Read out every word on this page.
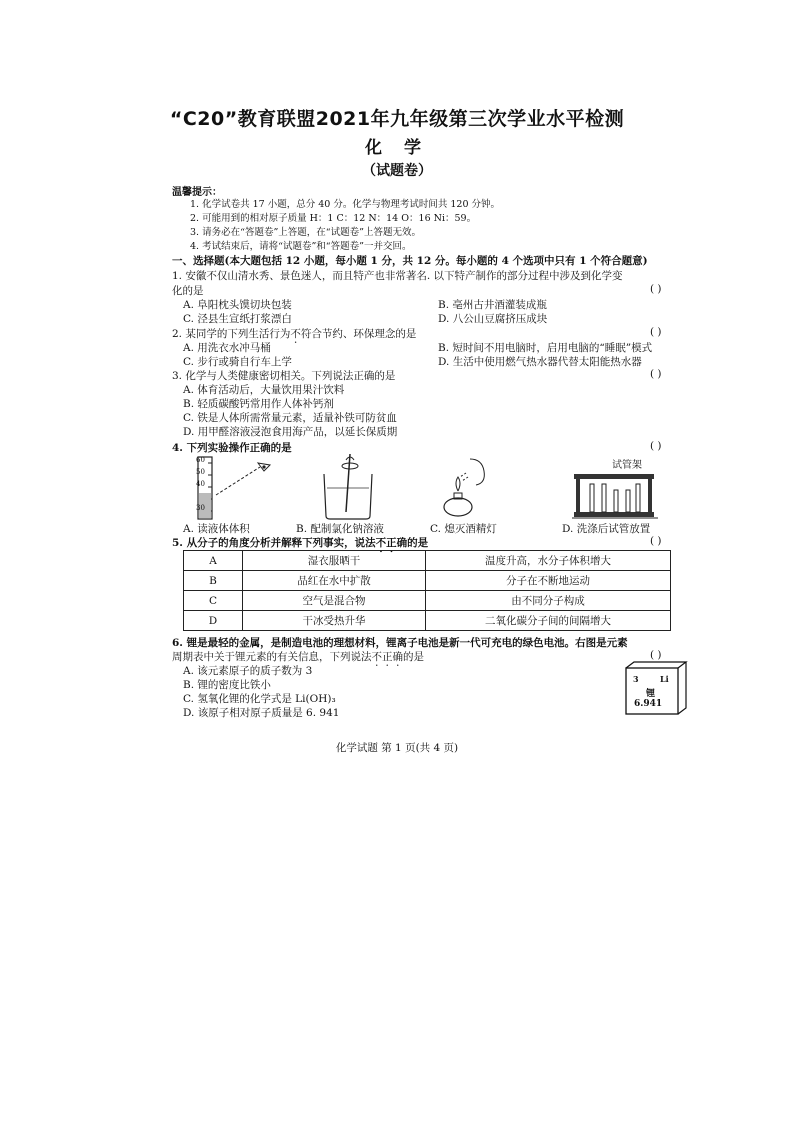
“C20”教育联盟2021年九年级第三次学业水平检测
化 学
（试题卷）
温馨提示：
1. 化学试卷共 17 小题，总分 40 分。化学与物理考试时间共 120 分钟。
2. 可能用到的相对原子质量 H：1 C：12 N：14 O：16 Ni：59。
3. 请务必在“答题卷”上答题，在“试题卷”上答题无效。
4. 考试结束后，请将“试题卷”和“答题卷”一并交回。
一、选择题(本大题包括 12 小题，每小题 1 分，共 12 分。每小题的 4 个选项中只有 1 个符合题意)
1. 安徽不仅山清水秀、景色迷人，而且特产也非常著名. 以下特产制作的部分过程中涉及到化学变
化的是	( )
A. 阜阳枕头馍切块包装	B. 亳州古井酒灌装成瓶
C. 泾县生宣纸打浆漂白	D. 八公山豆腐挤压成块
2. 某同学的下列生活行为不符合节约、环保理念的是	( )
A. 用洗衣水冲马桶	B. 短时间不用电脑时，启用电脑的“睡眠”模式
C. 步行或骑自行车上学	D. 生活中使用燃气热水器代替太阳能热水器
3. 化学与人类健康密切相关。下列说法正确的是	( )
A. 体育活动后，大量饮用果汁饮料
B. 轻质碳酸钙常用作人体补钙剂
C. 铁是人体所需常量元素，适量补铁可防贫血
D. 用甲醛溶液浸泡食用海产品，以延长保质期
4. 下列实验操作正确的是	( )
60
50
40
30
试管架
A. 读液体体积	B. 配制氯化钠溶液	C. 熄灭酒精灯	D. 洗涤后试管放置
5. 从分子的角度分析并解释下列事实，说法不正确的是	( )
A	湿衣服晒干	温度升高，水分子体积增大
B	品红在水中扩散	分子在不断地运动
C	空气是混合物	由不同分子构成
D	干冰受热升华	二氧化碳分子间的间隔增大
6. 锂是最轻的金属，是制造电池的理想材料，锂离子电池是新一代可充电的绿色电池。右图是元素
周期表中关于锂元素的有关信息，下列说法不正确的是	( )
A. 该元素原子的质子数为 3
B. 锂的密度比铁小
C. 氢氧化锂的化学式是 Li(OH)₃
D. 该原子相对原子质量是 6. 941
3	Li
锂
6.941
化学试题 第 1 页(共 4 页)
